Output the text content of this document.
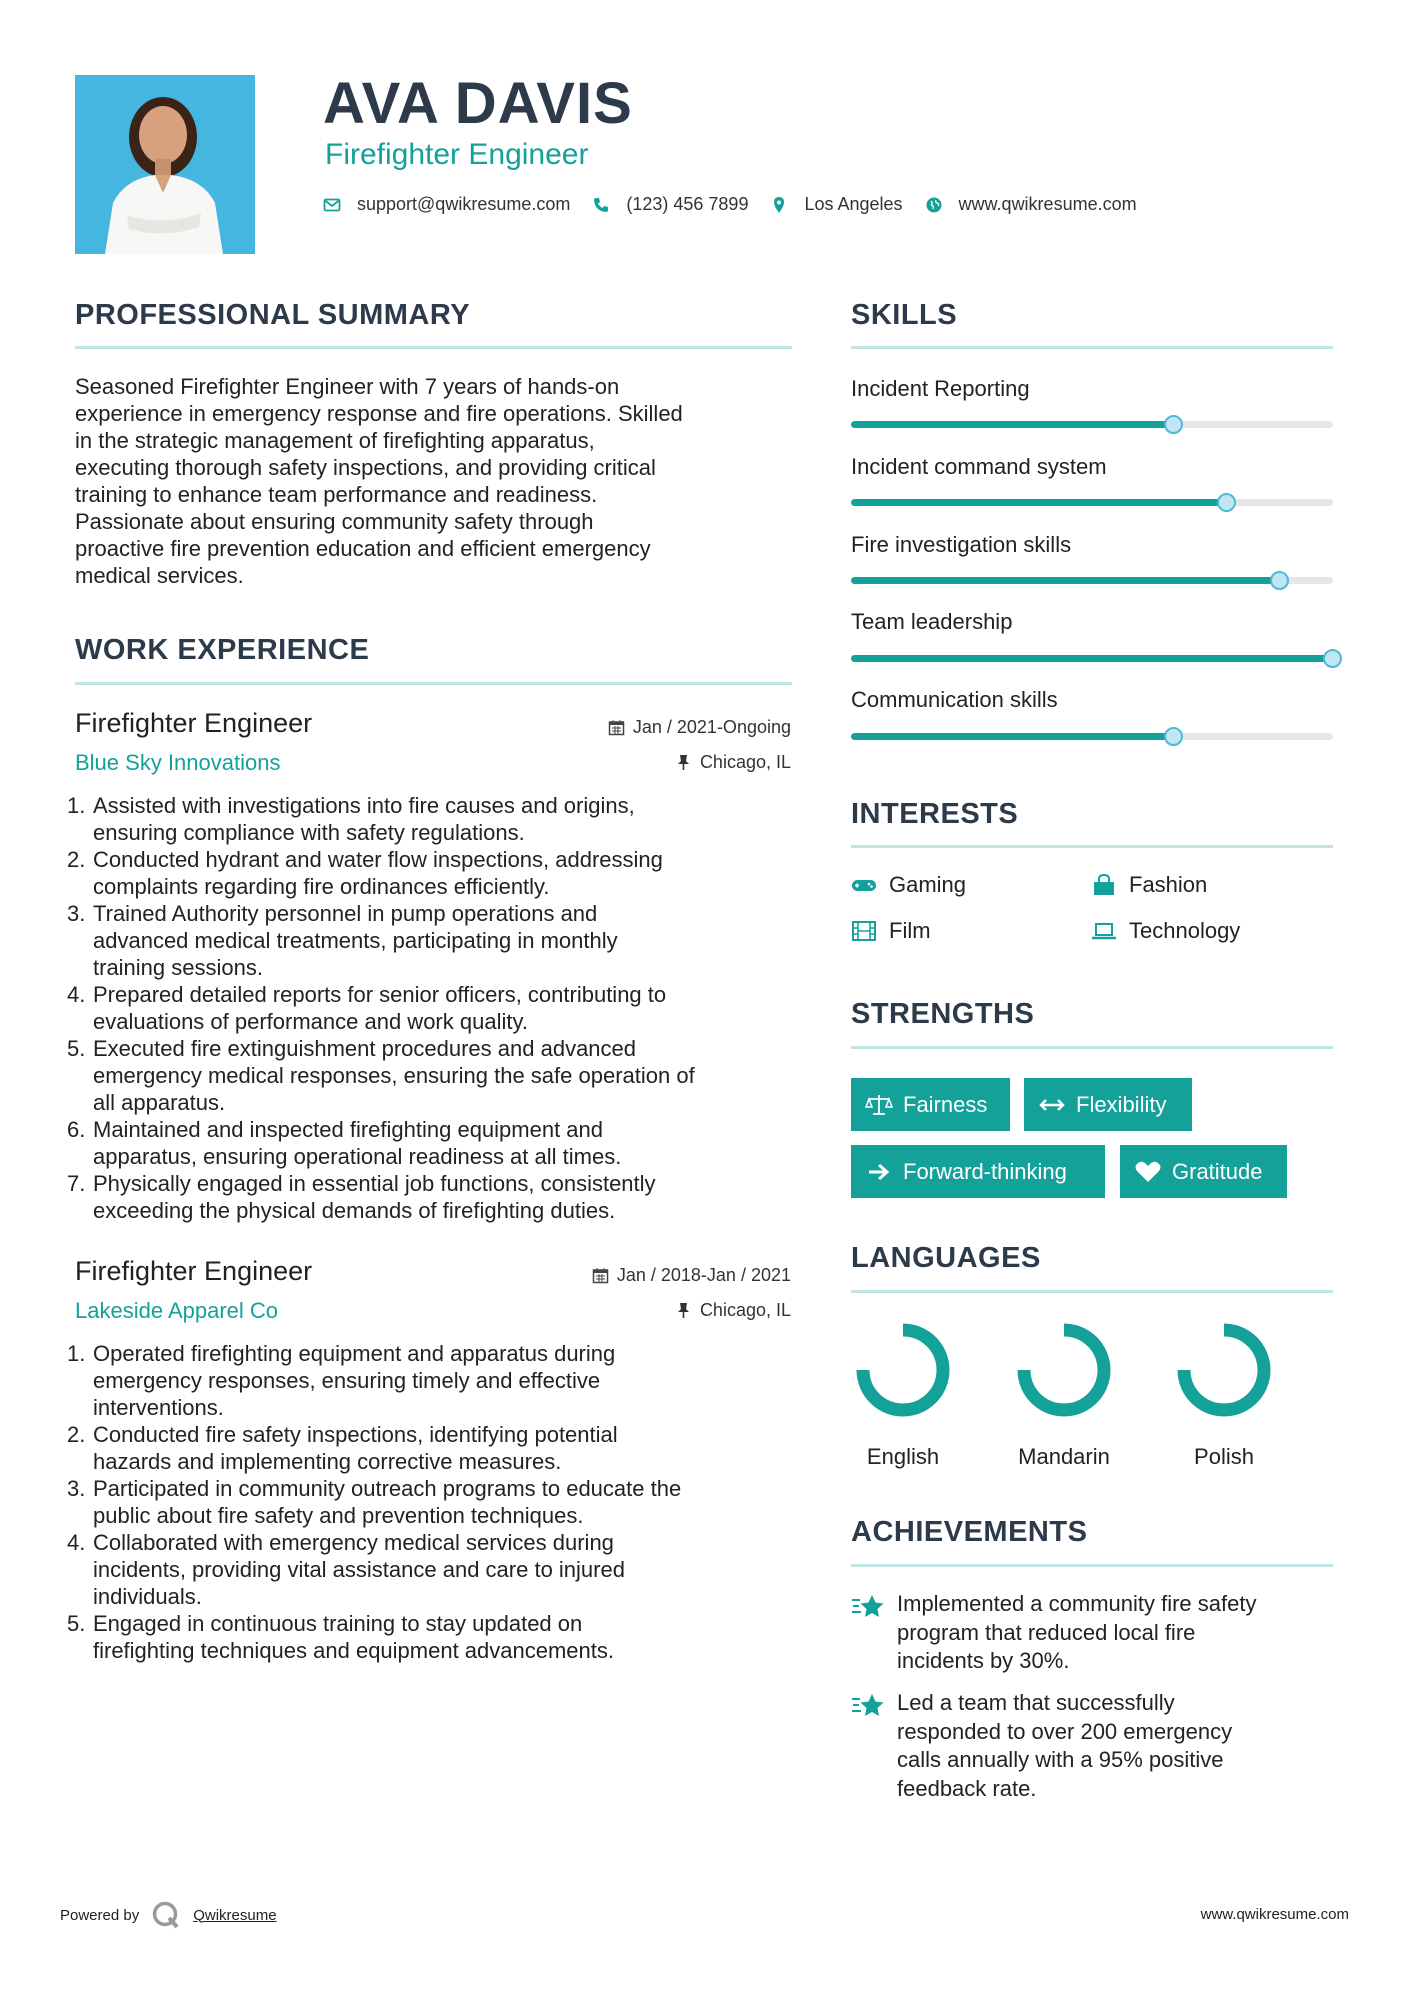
AVA DAVIS
Firefighter Engineer
support@qwikresume.com	(123) 456 7899	Los Angeles	www.qwikresume.com
PROFESSIONAL SUMMARY
Seasoned Firefighter Engineer with 7 years of hands-on
experience in emergency response and fire operations. Skilled
in the strategic management of firefighting apparatus,
executing thorough safety inspections, and providing critical
training to enhance team performance and readiness.
Passionate about ensuring community safety through
proactive fire prevention education and efficient emergency
medical services.
WORK EXPERIENCE
Firefighter Engineer
Blue Sky Innovations
Jan / 2021-Ongoing
Chicago, IL
1. Assisted with investigations into fire causes and origins,
ensuring compliance with safety regulations.
2. Conducted hydrant and water flow inspections, addressing
complaints regarding fire ordinances efficiently.
3. Trained Authority personnel in pump operations and
advanced medical treatments, participating in monthly
training sessions.
4. Prepared detailed reports for senior officers, contributing to
evaluations of performance and work quality.
5. Executed fire extinguishment procedures and advanced
emergency medical responses, ensuring the safe operation of
all apparatus.
6. Maintained and inspected firefighting equipment and
apparatus, ensuring operational readiness at all times.
7. Physically engaged in essential job functions, consistently
exceeding the physical demands of firefighting duties.
Firefighter Engineer
Lakeside Apparel Co
Jan / 2018-Jan / 2021
Chicago, IL
1. Operated firefighting equipment and apparatus during
emergency responses, ensuring timely and effective
interventions.
2. Conducted fire safety inspections, identifying potential
hazards and implementing corrective measures.
3. Participated in community outreach programs to educate the
public about fire safety and prevention techniques.
4. Collaborated with emergency medical services during
incidents, providing vital assistance and care to injured
individuals.
5. Engaged in continuous training to stay updated on
firefighting techniques and equipment advancements.
SKILLS
Incident Reporting
Incident command system
Fire investigation skills
Team leadership
Communication skills
INTERESTS
Gaming	Fashion
Film	Technology
STRENGTHS
Fairness	Flexibility
Forward-thinking	Gratitude
LANGUAGES
English	Mandarin	Polish
ACHIEVEMENTS
Implemented a community fire safety
program that reduced local fire
incidents by 30%.
Led a team that successfully
responded to over 200 emergency
calls annually with a 95% positive
feedback rate.
Powered by	Qwikresume	www.qwikresume.com
